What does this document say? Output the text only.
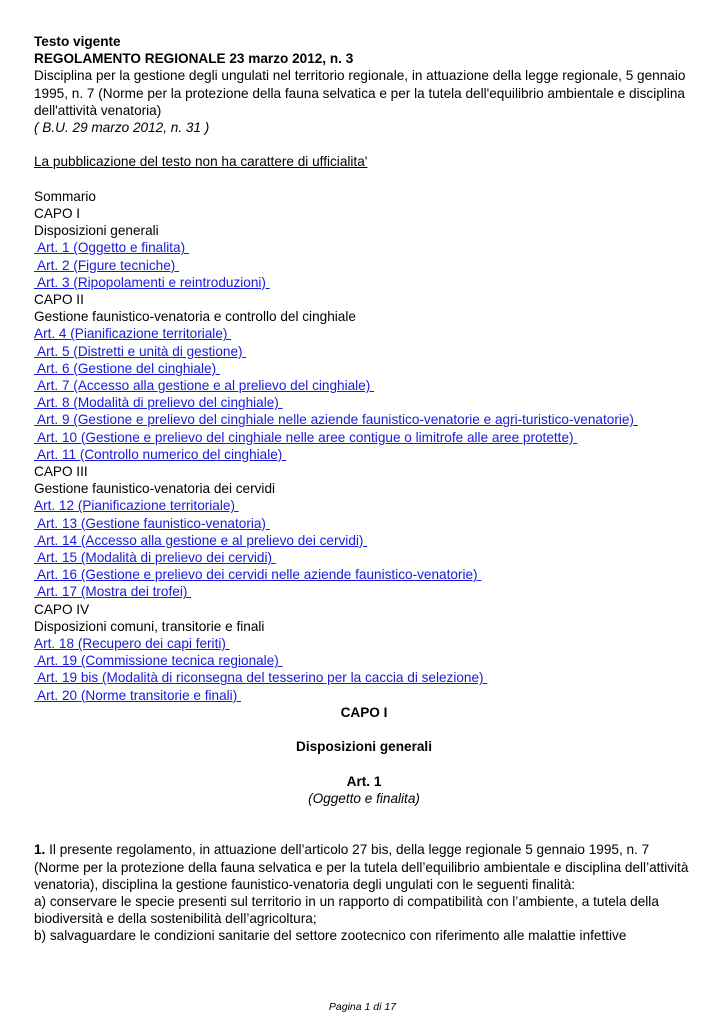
Testo vigente
REGOLAMENTO REGIONALE 23 marzo 2012, n. 3
Disciplina per la gestione degli ungulati nel territorio regionale, in attuazione della legge regionale, 5 gennaio 1995, n. 7 (Norme per la protezione della fauna selvatica e per la tutela dell'equilibrio ambientale e disciplina dell'attività venatoria)
( B.U. 29 marzo 2012, n. 31 )
La pubblicazione del testo non ha carattere di ufficialita'
Sommario
CAPO I
Disposizioni generali
Art. 1 (Oggetto e finalita)
Art. 2 (Figure tecniche)
Art. 3 (Ripopolamenti e reintroduzioni)
CAPO II
Gestione faunistico-venatoria e controllo del cinghiale
Art. 4 (Pianificazione territoriale)
Art. 5 (Distretti e unità di gestione)
Art. 6 (Gestione del cinghiale)
Art. 7 (Accesso alla gestione e al prelievo del cinghiale)
Art. 8 (Modalità di prelievo del cinghiale)
Art. 9 (Gestione e prelievo del cinghiale nelle aziende faunistico-venatorie e agri-turistico-venatorie)
Art. 10 (Gestione e prelievo del cinghiale nelle aree contigue o limitrofe alle aree protette)
Art. 11 (Controllo numerico del cinghiale)
CAPO III
Gestione faunistico-venatoria dei cervidi
Art. 12 (Pianificazione territoriale)
Art. 13 (Gestione faunistico-venatoria)
Art. 14 (Accesso alla gestione e al prelievo dei cervidi)
Art. 15 (Modalità di prelievo dei cervidi)
Art. 16 (Gestione e prelievo dei cervidi nelle aziende faunistico-venatorie)
Art. 17 (Mostra dei trofei)
CAPO IV
Disposizioni comuni, transitorie e finali
Art. 18 (Recupero dei capi feriti)
Art. 19 (Commissione tecnica regionale)
Art. 19 bis (Modalità di riconsegna del tesserino per la caccia di selezione)
Art. 20 (Norme transitorie e finali)
CAPO I
Disposizioni generali
Art. 1
(Oggetto e finalita)
1. Il presente regolamento, in attuazione dell’articolo 27 bis, della legge regionale 5 gennaio 1995, n. 7 (Norme per la protezione della fauna selvatica e per la tutela dell’equilibrio ambientale e disciplina dell’attività venatoria), disciplina la gestione faunistico-venatoria degli ungulati con le seguenti finalità:
a) conservare le specie presenti sul territorio in un rapporto di compatibilità con l’ambiente, a tutela della biodiversità e della sostenibilità dell’agricoltura;
b) salvaguardare le condizioni sanitarie del settore zootecnico con riferimento alle malattie infettive
Pagina 1 di 17
